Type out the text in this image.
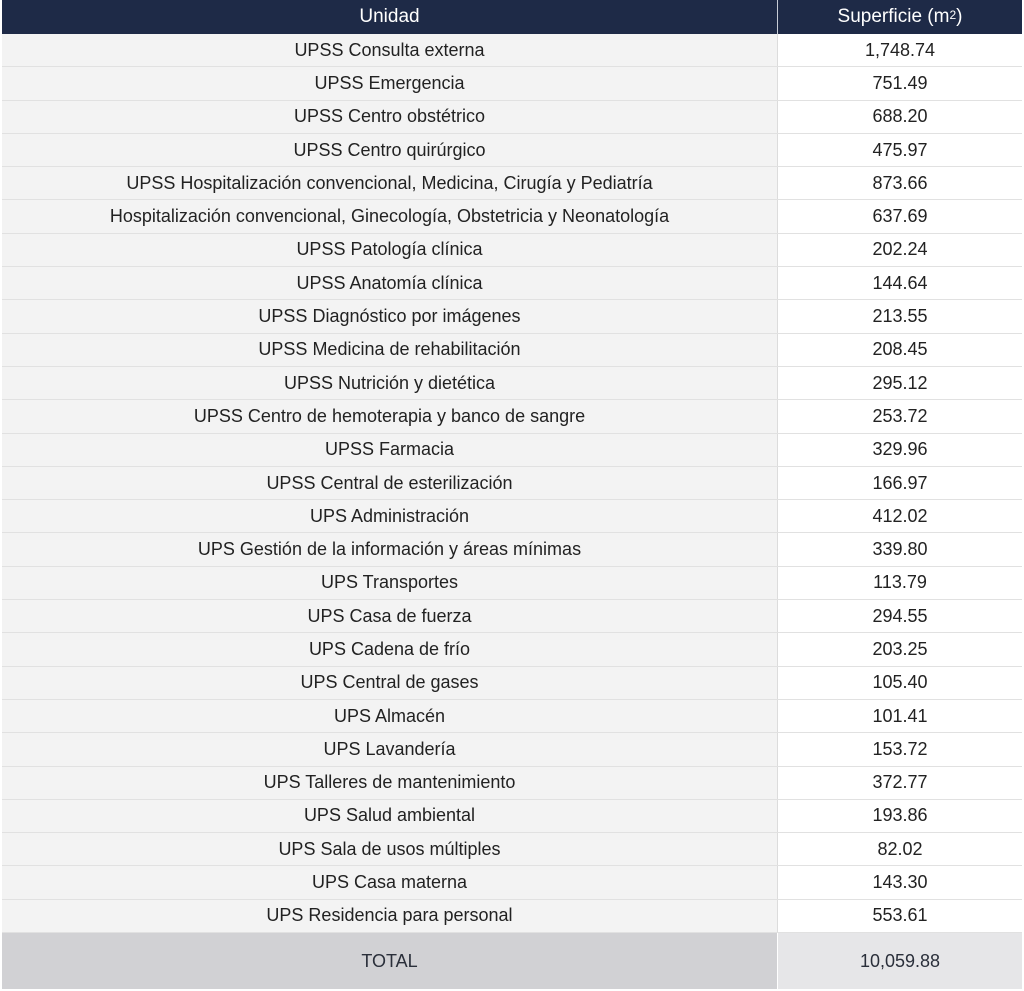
Unidad	Superficie ($m^2$ )
UPSS Consulta externa	1,748.74
UPSS Emergencia	751.49
UPSS Centro obstétrico	688.20
UPSS Centro quirúrgico	475.97
UPSS Hospitalización convencional, Medicina, Cirugía y Pediatría	873.66
Hospitalización convencional, Ginecología, Obstetricia y Neonatología	637.69
UPSS Patología clínica	202.24
UPSS Anatomía clínica	144.64
UPSS Diagnóstico por imágenes	213.55
UPSS Medicina de rehabilitación	208.45
UPSS Nutrición y dietética	295.12
UPSS Centro de hemoterapia y banco de sangre	253.72
UPSS Farmacia	329.96
UPSS Central de esterilización	166.97
UPS Administración	412.02
UPS Gestión de la información y áreas mínimas	339.80
UPS Transportes	113.79
UPS Casa de fuerza	294.55
UPS Cadena de frío	203.25
UPS Central de gases	105.40
UPS Almacén	101.41
UPS Lavandería	153.72
UPS Talleres de mantenimiento	372.77
UPS Salud ambiental	193.86
UPS Sala de usos múltiples	82.02
UPS Casa materna	143.30
UPS Residencia para personal	553.61
TOTAL	10,059.88
